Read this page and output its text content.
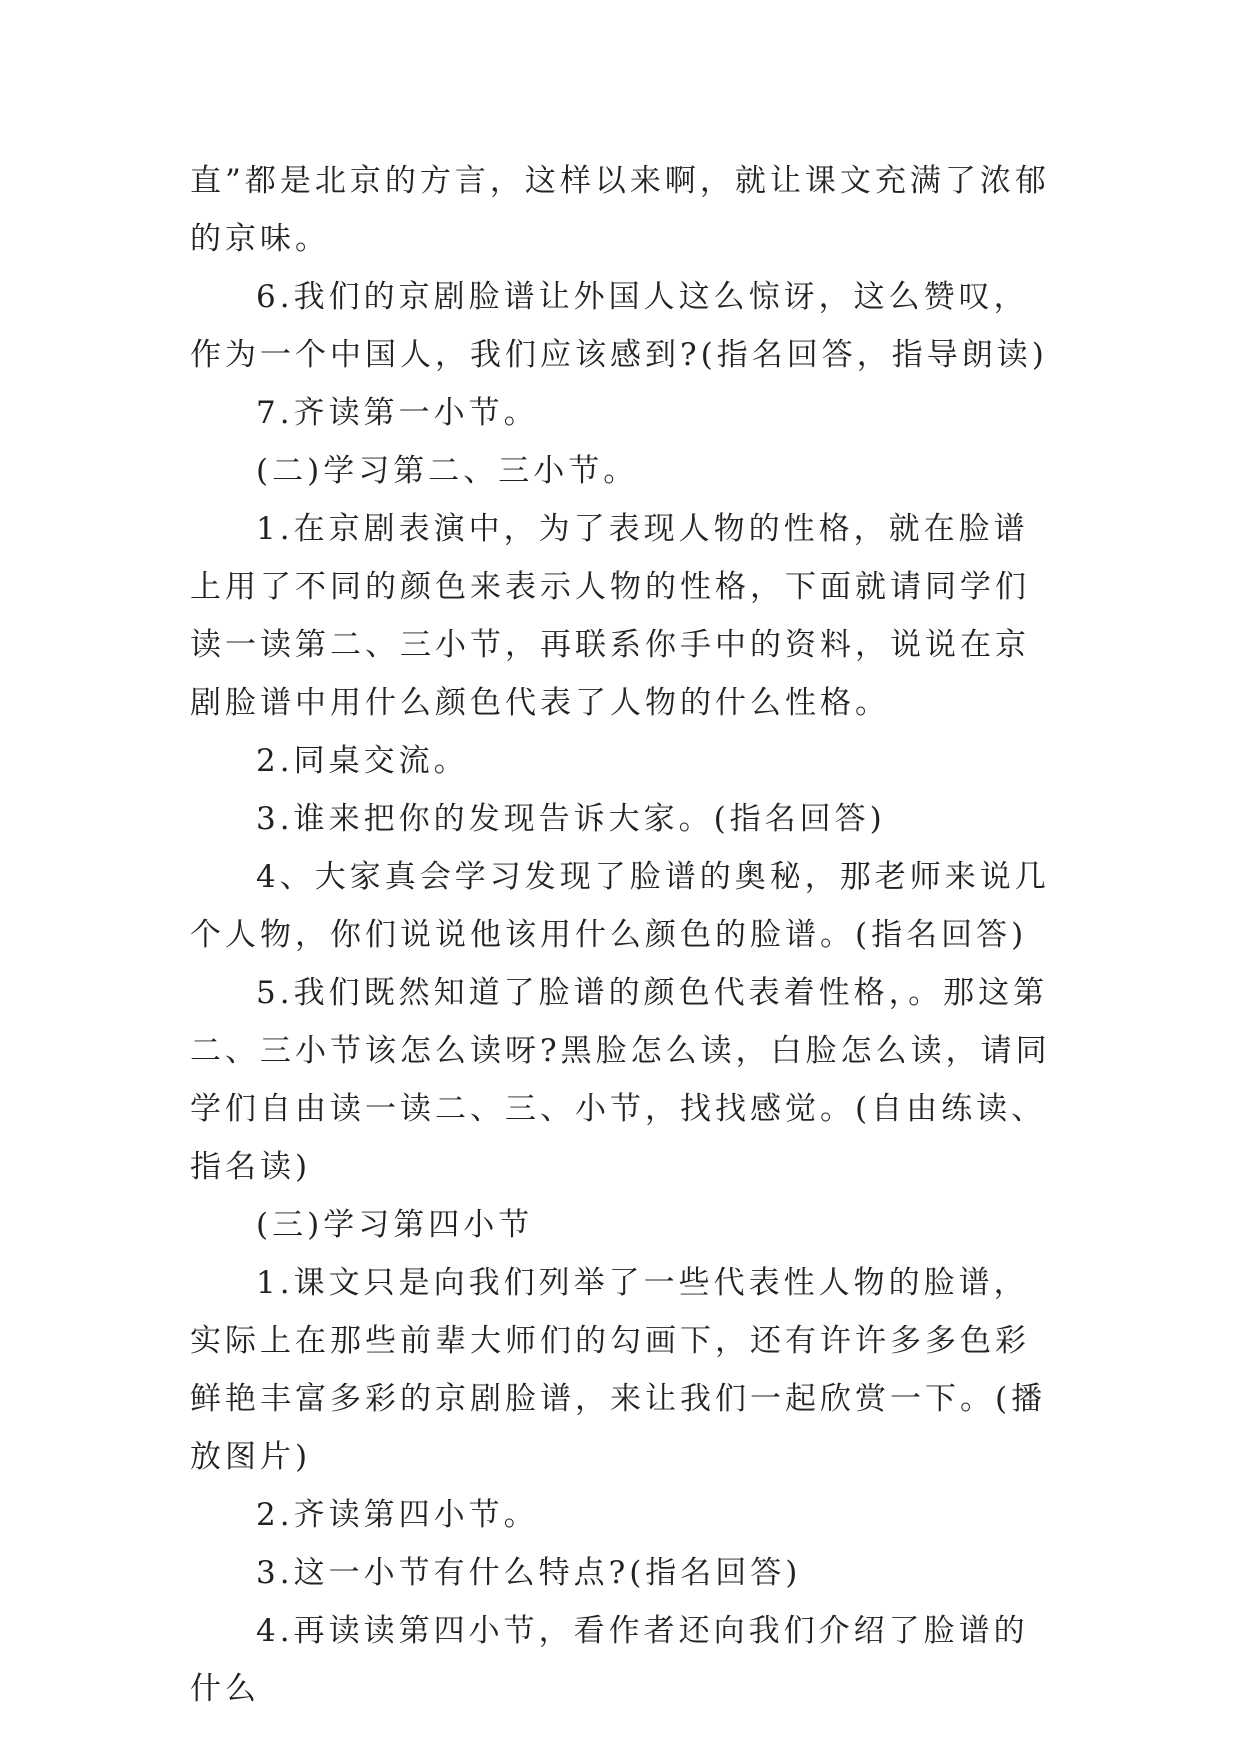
直”都是北京的方言，这样以来啊，就让课文充满了浓郁的京味。

6.我们的京剧脸谱让外国人这么惊讶，这么赞叹，作为一个中国人，我们应该感到?(指名回答，指导朗读)

7.齐读第一小节。

(二)学习第二、三小节。

1.在京剧表演中，为了表现人物的性格，就在脸谱上用了不同的颜色来表示人物的性格，下面就请同学们读一读第二、三小节，再联系你手中的资料，说说在京剧脸谱中用什么颜色代表了人物的什么性格。

2.同桌交流。

3.谁来把你的发现告诉大家。(指名回答)

4、大家真会学习发现了脸谱的奥秘，那老师来说几个人物，你们说说他该用什么颜色的脸谱。(指名回答)

5.我们既然知道了脸谱的颜色代表着性格，。那这第二、三小节该怎么读呀?黑脸怎么读，白脸怎么读，请同学们自由读一读二、三、小节，找找感觉。(自由练读、指名读)

(三)学习第四小节

1.课文只是向我们列举了一些代表性人物的脸谱，实际上在那些前辈大师们的勾画下，还有许许多多色彩鲜艳丰富多彩的京剧脸谱，来让我们一起欣赏一下。(播放图片)

2.齐读第四小节。

3.这一小节有什么特点?(指名回答)

4.再读读第四小节，看作者还向我们介绍了脸谱的什么
